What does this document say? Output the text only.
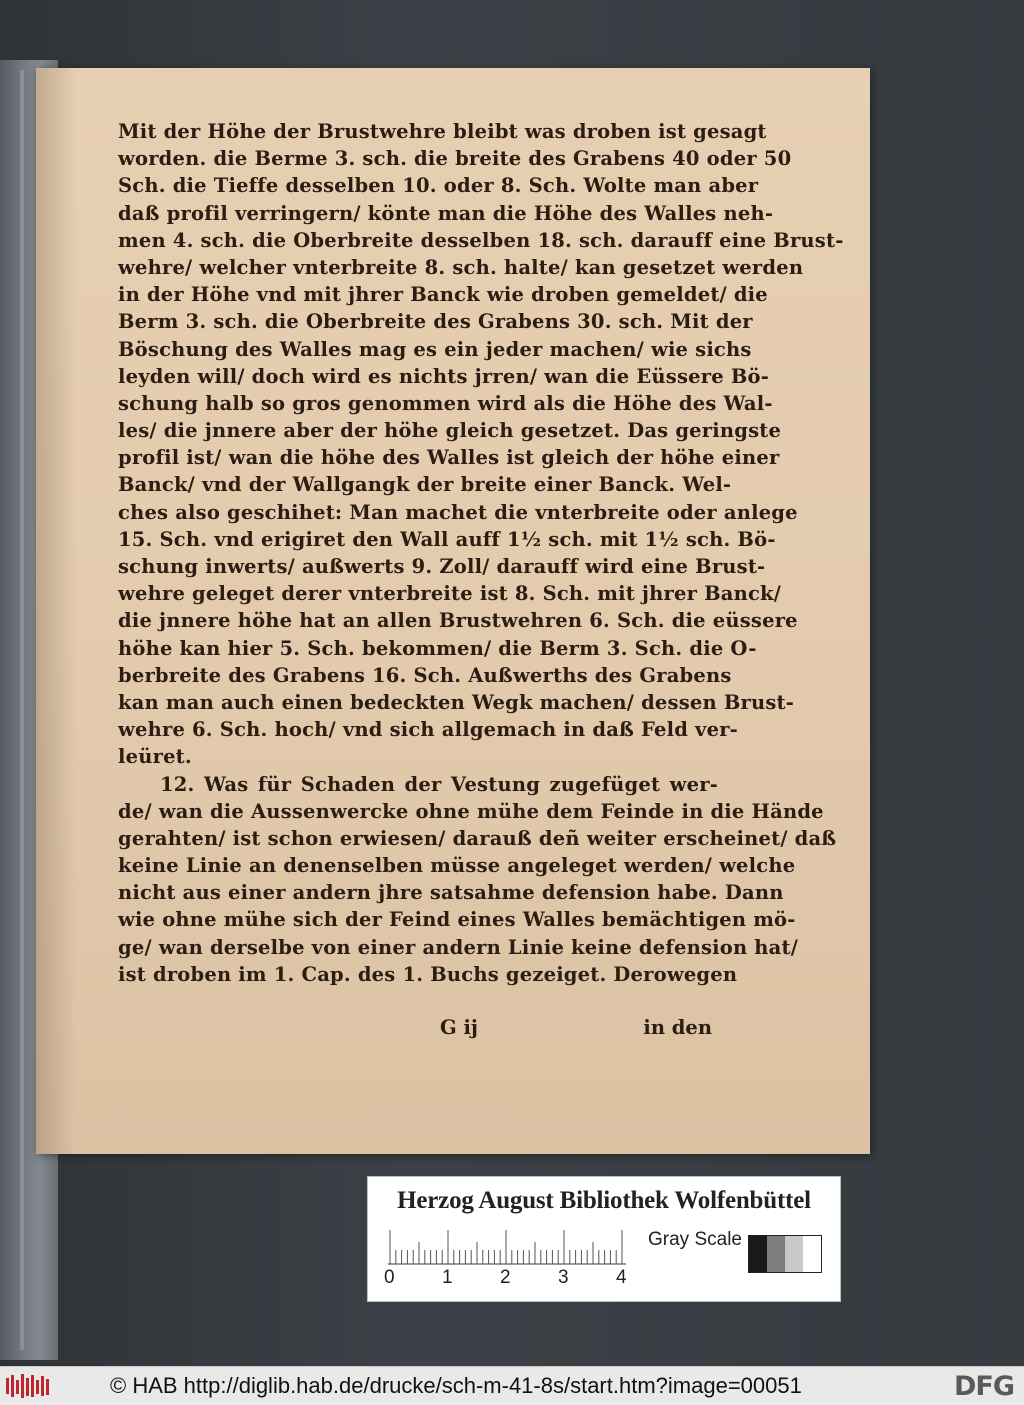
Mit der Höhe der Brustwehre bleibt was droben ist gesagt
worden. die Berme 3. sch. die breite des Grabens 40 oder 50
Sch. die Tieffe desselben 10. oder 8. Sch. Wolte man aber
daß profil verringern/ könte man die Höhe des Walles neh-
men 4. sch. die Oberbreite desselben 18. sch. darauff eine Brust-
wehre/ welcher vnterbreite 8. sch. halte/ kan gesetzet werden
in der Höhe vnd mit jhrer Banck wie droben gemeldet/ die
Berm 3. sch. die Oberbreite des Grabens 30. sch. Mit der
Böschung des Walles mag es ein jeder machen/ wie sichs
leyden will/ doch wird es nichts jrren/ wan die Eüssere Bö-
schung halb so gros genommen wird als die Höhe des Wal-
les/ die jnnere aber der höhe gleich gesetzet. Das geringste
profil ist/ wan die höhe des Walles ist gleich der höhe einer
Banck/ vnd der Wallgangk der breite einer Banck. Wel-
ches also geschihet: Man machet die vnterbreite oder anlege
15. Sch. vnd erigiret den Wall auff 1½ sch. mit 1½ sch. Bö-
schung inwerts/ außwerts 9. Zoll/ darauff wird eine Brust-
wehre geleget derer vnterbreite ist 8. Sch. mit jhrer Banck/
die jnnere höhe hat an allen Brustwehren 6. Sch. die eüssere
höhe kan hier 5. Sch. bekommen/ die Berm 3. Sch. die O-
berbreite des Grabens 16. Sch. Außwerths des Grabens
kan man auch einen bedeckten Wegk machen/ dessen Brust-
wehre 6. Sch. hoch/ vnd sich allgemach in daß Feld ver-
leüret.
12. Was für Schaden der Vestung zugefüget wer-
de/ wan die Aussenwercke ohne mühe dem Feinde in die Hände
gerahten/ ist schon erwiesen/ darauß deñ weiter erscheinet/ daß
keine Linie an denenselben müsse angeleget werden/ welche
nicht aus einer andern jhre satsahme defension habe. Dann
wie ohne mühe sich der Feind eines Walles bemächtigen mö-
ge/ wan derselbe von einer andern Linie keine defension hat/
ist droben im 1. Cap. des 1. Buchs gezeiget. Derowegen
G ij	in den
Herzog August Bibliothek Wolfenbüttel
0 1 2 3 4
Gray Scale
© HAB http://diglib.hab.de/drucke/sch-m-41-8s/start.htm?image=00051	DFG
